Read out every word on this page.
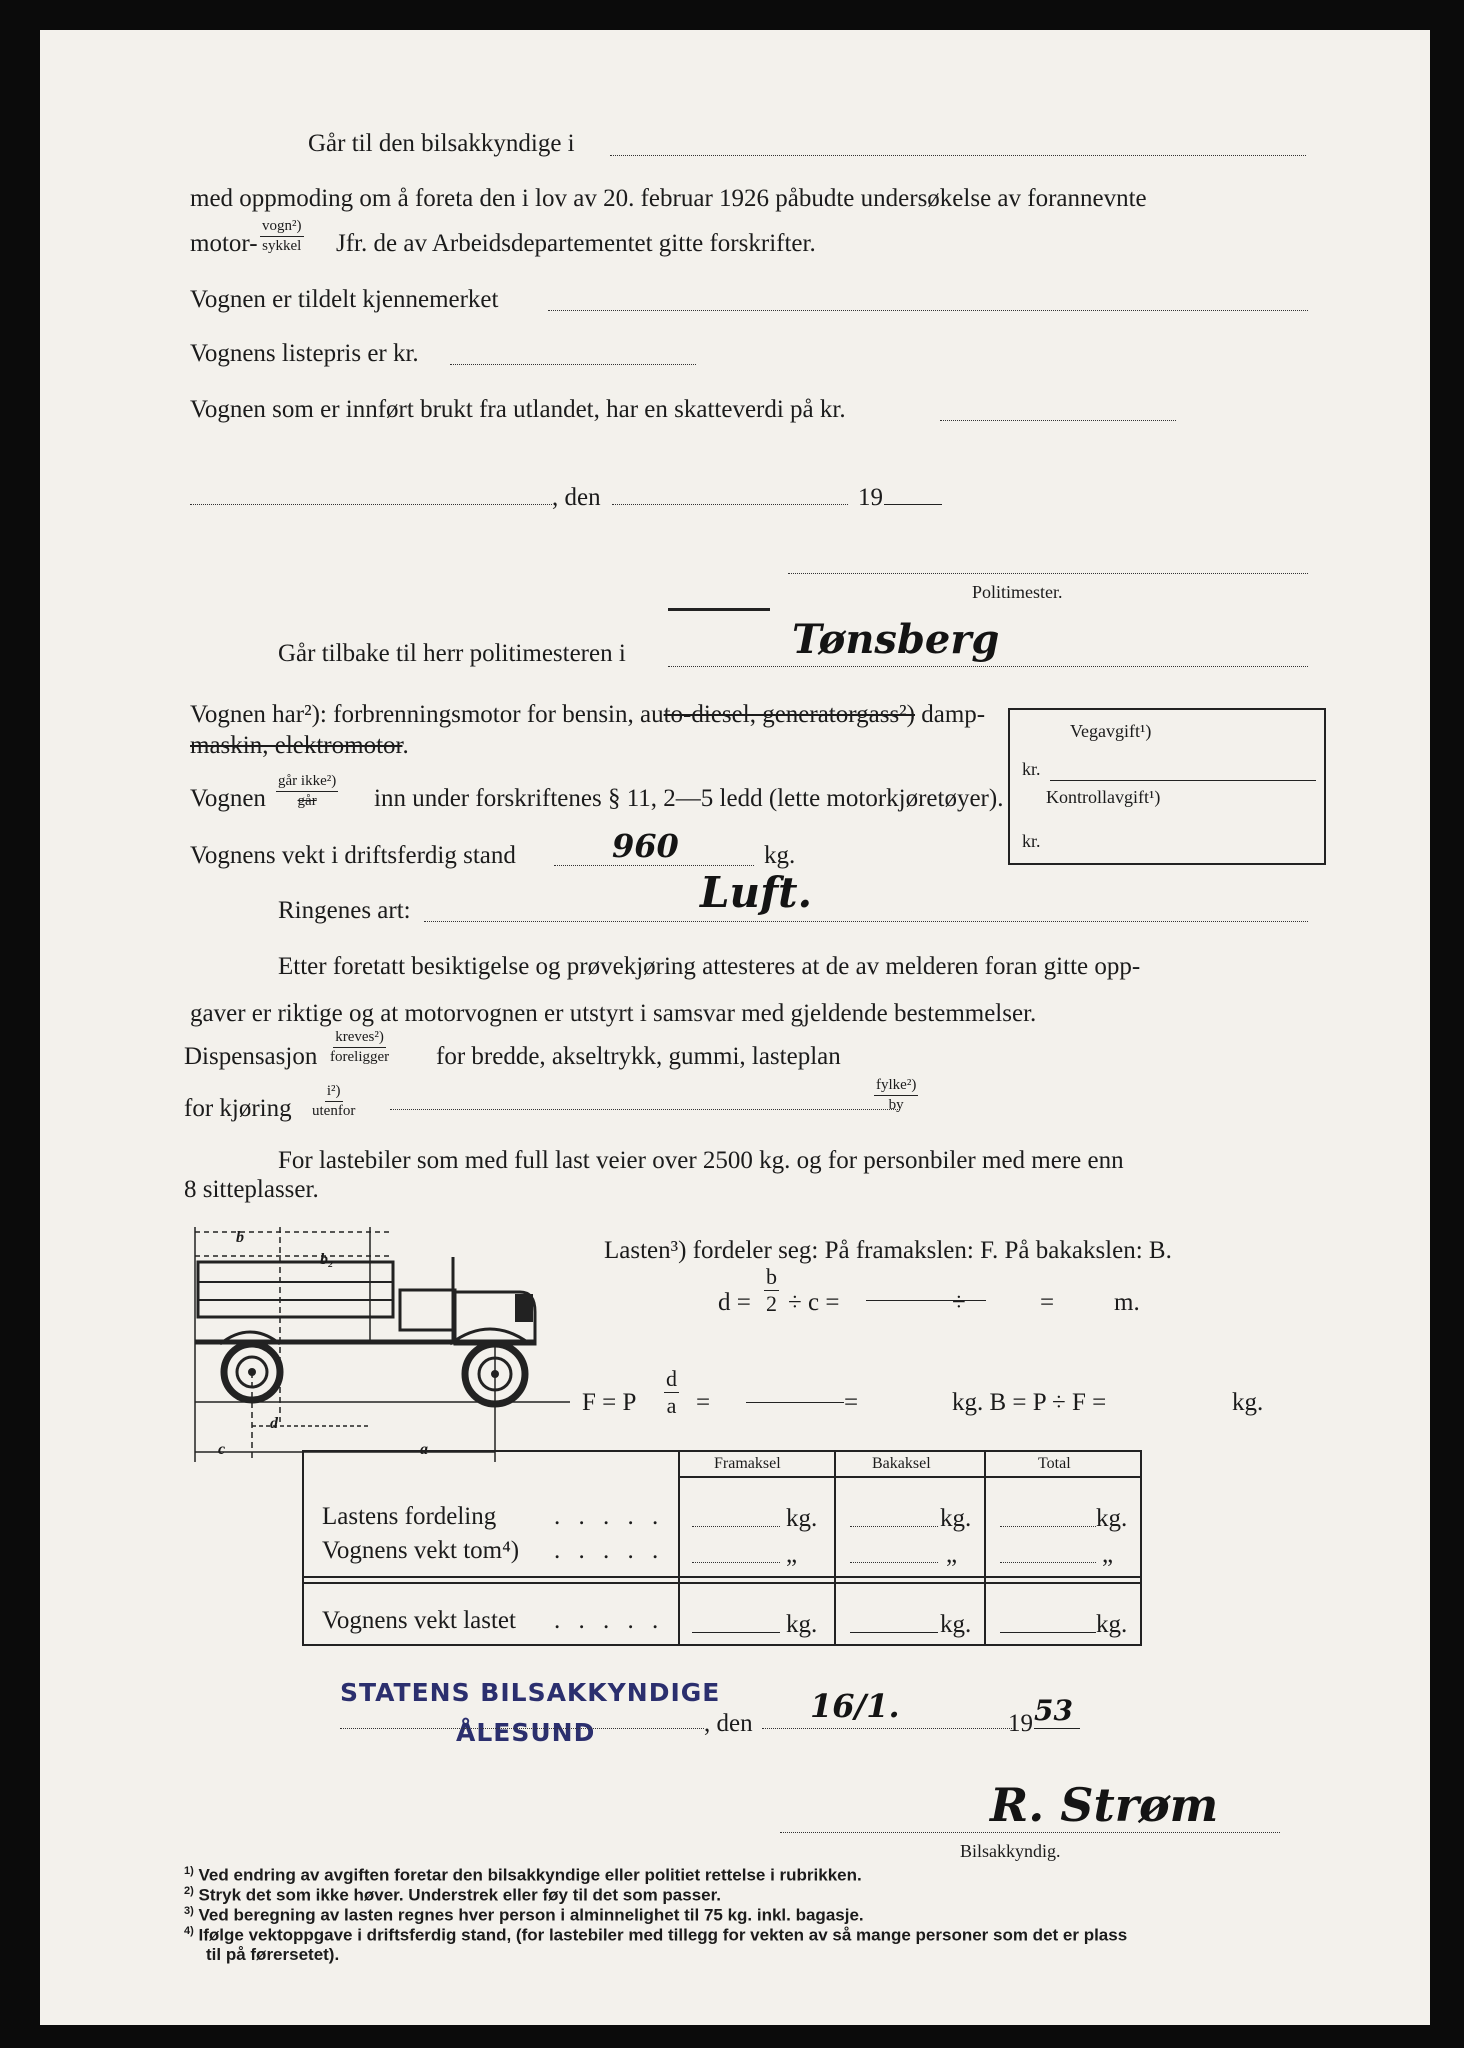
Går til den bilsakkyndige i
med oppmoding om å foreta den i lov av 20. februar 1926 påbudte undersøkelse av forannevnte
motor-
vogn²)
sykkel Jfr. de av Arbeidsdepartementet gitte forskrifter.
Vognen er tildelt kjennemerket
Vognens listepris er kr.
Vognen som er innført brukt fra utlandet, har en skatteverdi på kr.
, den	19
Politimester.
Går tilbake til herr politimesteren i	Tønsberg
Vognen har²): forbrenningsmotor for bensin, auto-diesel, generatorgass²) damp-
maskin, elektromotor.
Vegavgift¹)
kr.
Kontrollavgift¹)
kr.
Vognen
går ikke²)
går inn under forskriftenes § 11, 2—5 ledd (lette motorkjøretøyer).
Vognens vekt i driftsferdig stand	960	kg.
Ringenes art:	Luft.
Etter foretatt besiktigelse og prøvekjøring attesteres at de av melderen foran gitte opp-
gaver er riktige og at motorvognen er utstyrt i samsvar med gjeldende bestemmelser.
Dispensasjon
kreves²)
foreligger for bredde, akseltrykk, gummi, lasteplan
for kjøring
i²)
utenfor
fylke²)
by
For lastebiler som med full last veier over 2500 kg. og for personbiler med mere enn
8 sitteplasser.
b
b₂
c
d
a
Lasten³) fordeler seg: På framakslen: F. På bakakslen: B.
$d = \frac{b}{2} \div c$ =	÷	= m.
F = P $\frac{d}{a}$ =	=	kg. B = P ÷ F =	kg.
Framaksel	Bakaksel	Total
Lastens fordeling . . . . .	kg.	kg.	kg.
Vognens vekt tom⁴) . . . . .	„	„	„
Vognens vekt lastet . . . . .	kg.	kg.	kg.
STATENS BILSAKKYNDIGE
ÅLESUND	, den 16/1.	19 53
R. Strøm
Bilsakkyndig.
$^{1)}$ Ved endring av avgiften foretar den bilsakkyndige eller politiet rettelse i rubrikken.
$^{2)}$ Stryk det som ikke høver. Understrek eller føy til det som passer.
$^{3)}$ Ved beregning av lasten regnes hver person i alminnelighet til 75 kg. inkl. bagasje.
$^{4)}$ Ifølge vektoppgave i driftsferdig stand, (for lastebiler med tillegg for vekten av så mange personer som det er plass
til på førersetet).
